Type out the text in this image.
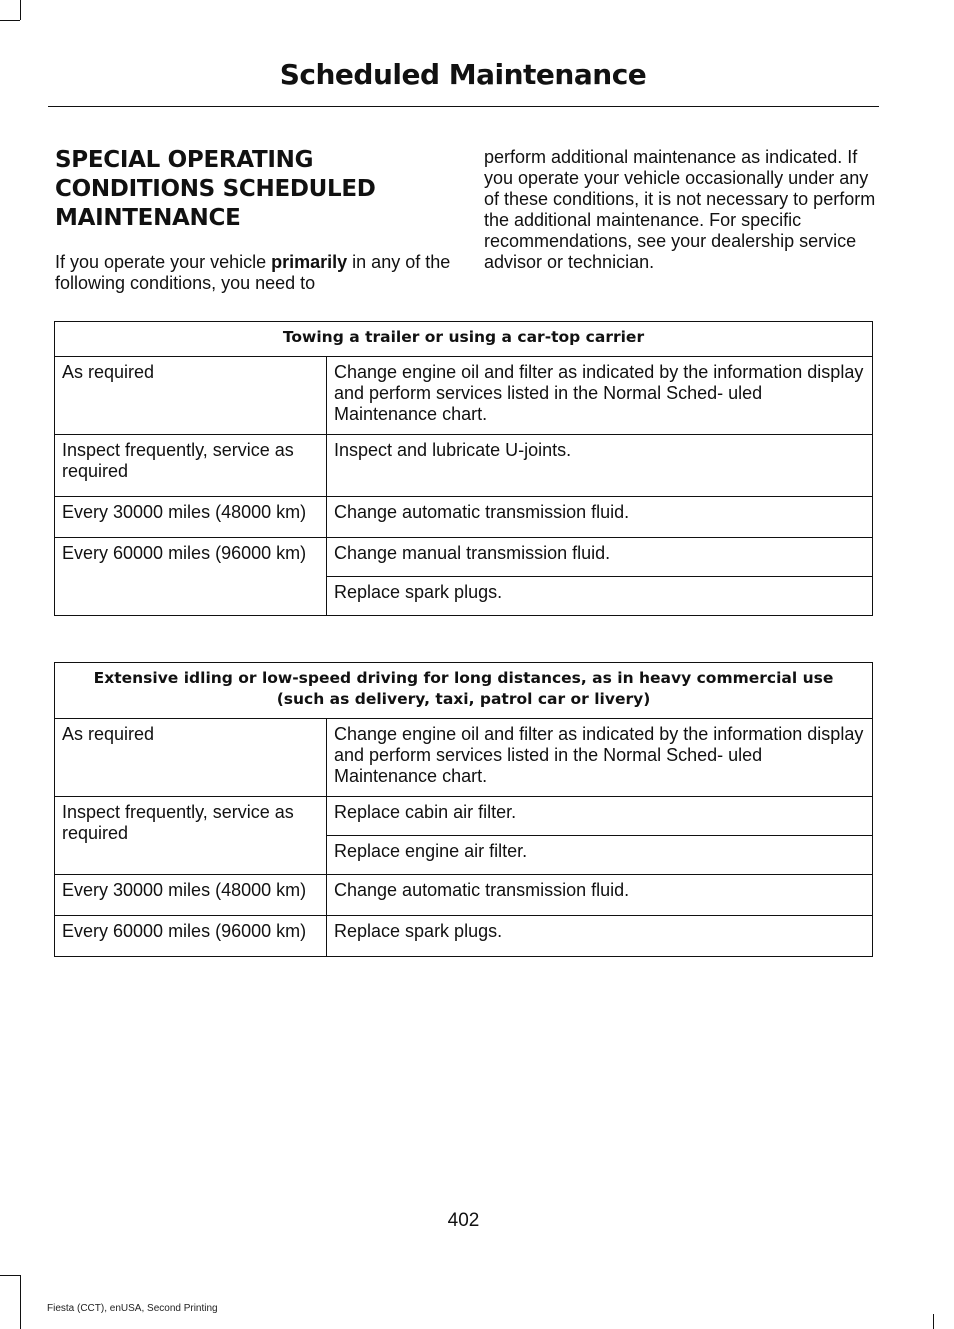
Scheduled Maintenance
SPECIAL OPERATING CONDITIONS SCHEDULED MAINTENANCE

If you operate your vehicle primarily in any of the following conditions, you need to

perform additional maintenance as indicated. If you operate your vehicle occasionally under any of these conditions, it is not necessary to perform the additional maintenance. For specific recommendations, see your dealership service advisor or technician.

Towing a trailer or using a car-top carrier	
As required	Change engine oil and filter as indicated by the information display and perform services listed in the Normal Sched- uled Maintenance chart.
Inspect frequently, service as required	Inspect and lubricate U-joints.
Every 30000 miles (48000 km)	Change automatic transmission fluid.
Every 60000 miles (96000 km)	Change manual transmission fluid.
	Replace spark plugs.
Extensive idling or low-speed driving for long distances, as in heavy commercial use (such as delivery, taxi, patrol car or livery)	
As required	Change engine oil and filter as indicated by the information display and perform services listed in the Normal Sched- uled Maintenance chart.
Inspect frequently, service as required	Replace cabin air filter.
	Replace engine air filter.
Every 30000 miles (48000 km)	Change automatic transmission fluid.
Every 60000 miles (96000 km)	Replace spark plugs.

402

Fiesta (CCT), enUSA, Second Printing
